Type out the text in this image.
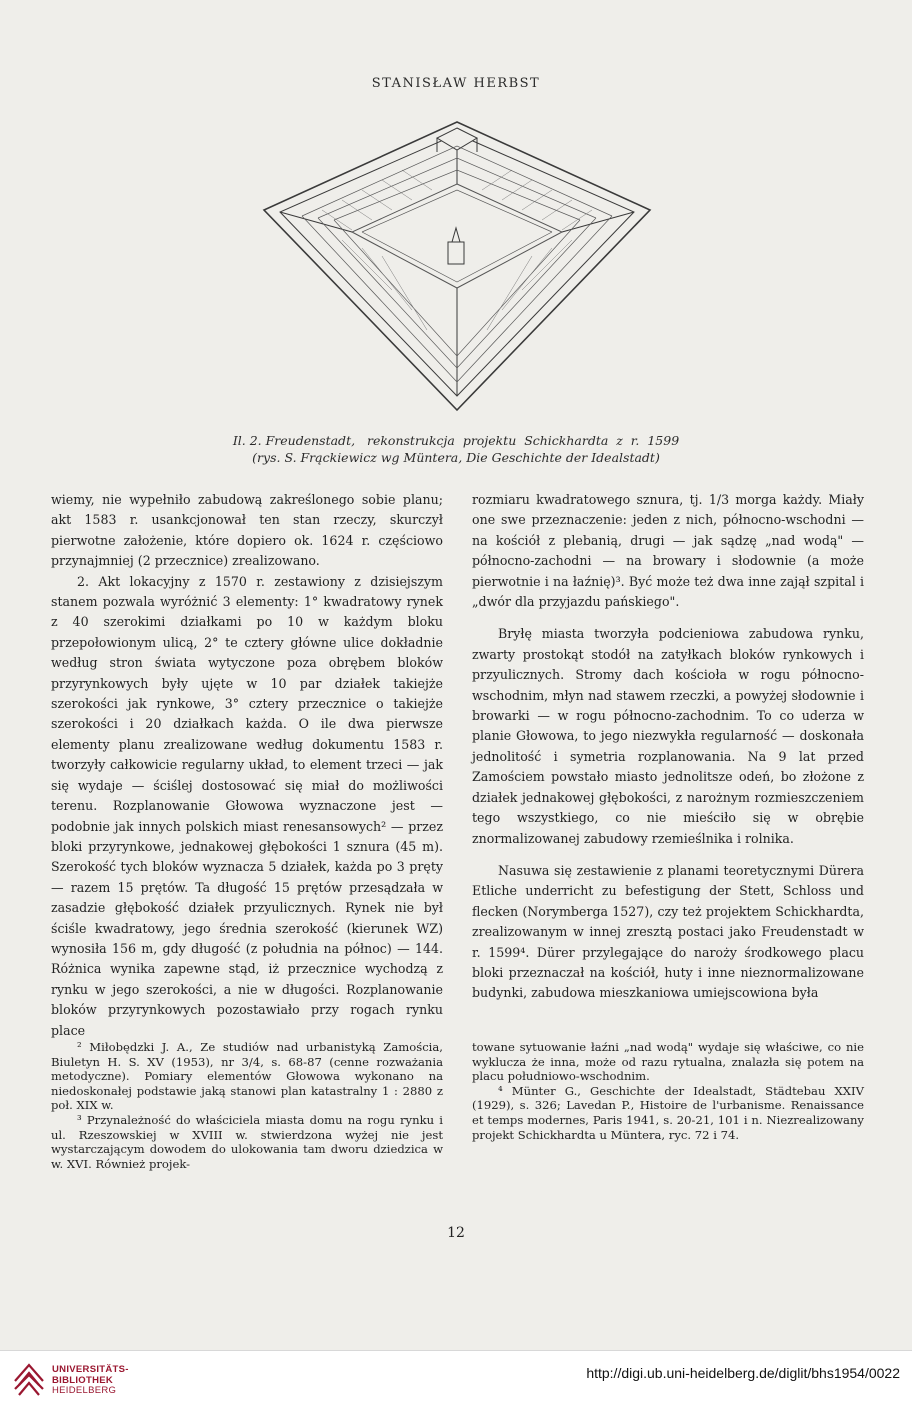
STANISŁAW HERBST
Il. 2. Freudenstadt,   rekonstrukcja  projektu  Schickhardta  z  r.  1599
(rys. S. Frąckiewicz wg Müntera, Die Geschichte der Idealstadt)

wiemy, nie wypełniło zabudową zakreślonego sobie planu; akt 1583 r. usankcjonował ten stan rzeczy, skurczył pierwotne założenie, które dopiero ok. 1624 r. częściowo przynajmniej (2 przecznice) zrealizowano.

2. Akt lokacyjny z 1570 r. zestawiony z dzisiejszym stanem pozwala wyróżnić 3 elementy: 1° kwadratowy rynek z 40 szerokimi działkami po 10 w każdym bloku przepołowionym ulicą, 2° te cztery główne ulice dokładnie według stron świata wytyczone poza obrębem bloków przyrynkowych były ujęte w 10 par działek takiejże szerokości jak rynkowe, 3° cztery przecznice o takiejże szerokości i 20 działkach każda. O ile dwa pierwsze elementy planu zrealizowane według dokumentu 1583 r. tworzyły całkowicie regularny układ, to element trzeci — jak się wydaje — ściślej dostosować się miał do możliwości terenu. Rozplanowanie Głowowa wyznaczone jest — podobnie jak innych polskich miast renesansowych² — przez bloki przyrynkowe, jednakowej głębokości 1 sznura (45 m). Szerokość tych bloków wyznacza 5 działek, każda po 3 pręty — razem 15 prętów. Ta długość 15 prętów przesądzała w zasadzie głębokość działek przyulicznych. Rynek nie był ściśle kwadratowy, jego średnia szerokość (kierunek WZ) wynosiła 156 m, gdy długość (z południa na północ) — 144. Różnica wynika zapewne stąd, iż przecznice wychodzą z rynku w jego szerokości, a nie w długości. Rozplanowanie bloków przyrynkowych pozostawiało przy rogach rynku place

rozmiaru kwadratowego sznura, tj. 1/3 morga każdy. Miały one swe przeznaczenie: jeden z nich, północno-wschodni — na kościół z plebanią, drugi — jak sądzę „nad wodą" — północno-zachodni — na browary i słodownie (a może pierwotnie i na łaźnię)³. Być może też dwa inne zajął szpital i „dwór dla przyjazdu pańskiego".

Bryłę miasta tworzyła podcieniowa zabudowa rynku, zwarty prostokąt stodół na zatyłkach bloków rynkowych i przyulicznych. Stromy dach kościoła w rogu północno-wschodnim, młyn nad stawem rzeczki, a powyżej słodownie i browarki — w rogu północno-zachodnim. To co uderza w planie Głowowa, to jego niezwykła regularność — doskonała jednolitość i symetria rozplanowania. Na 9 lat przed Zamościem powstało miasto jednolitsze odeń, bo złożone z działek jednakowej głębokości, z narożnym rozmieszczeniem tego wszystkiego, co nie mieściło się w obrębie znormalizowanej zabudowy rzemieślnika i rolnika.

Nasuwa się zestawienie z planami teoretycznymi Dürera Etliche underricht zu befestigung der Stett, Schloss und flecken (Norymberga 1527), czy też projektem Schickhardta, zrealizowanym w innej zresztą postaci jako Freudenstadt w r. 1599⁴. Dürer przylegające do naroży środkowego placu bloki przeznaczał na kościół, huty i inne nieznormalizowane budynki, zabudowa mieszkaniowa umiejscowiona była

² Miłobędzki J. A., Ze studiów nad urbanistyką Zamościa, Biuletyn H. S. XV (1953), nr 3/4, s. 68-87 (cenne rozważania metodyczne). Pomiary elementów Głowowa wykonano na niedoskonałej podstawie jaką stanowi plan katastralny 1 : 2880 z poł. XIX w.

³ Przynależność do właściciela miasta domu na rogu rynku i ul. Rzeszowskiej w XVIII w. stwierdzona wyżej nie jest wystarczającym dowodem do ulokowania tam dworu dziedzica w w. XVI. Również projek-

towane sytuowanie łaźni „nad wodą" wydaje się właściwe, co nie wyklucza że inna, może od razu rytualna, znalazła się potem na placu południowo-wschodnim.

⁴ Münter G., Geschichte der Idealstadt, Städtebau XXIV (1929), s. 326; Lavedan P., Histoire de l'urbanisme. Renaissance et temps modernes, Paris 1941, s. 20-21, 101 i n. Niezrealizowany projekt Schickhardta u Müntera, ryc. 72 i 74.

12
UNIVERSITÄTS-
BIBLIOTHEK
HEIDELBERG
http://digi.ub.uni-heidelberg.de/diglit/bhs1954/0022
